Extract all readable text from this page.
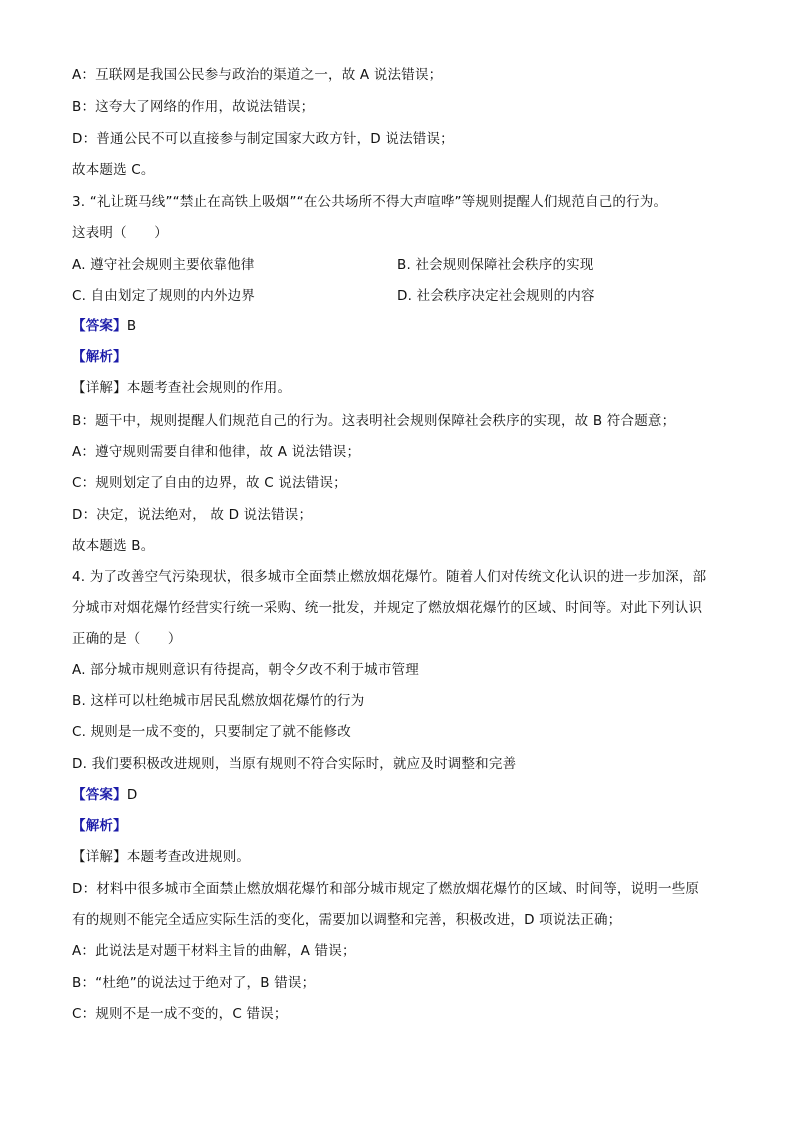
A：互联网是我国公民参与政治的渠道之一，故 A 说法错误；
B：这夸大了网络的作用，故说法错误；
D：普通公民不可以直接参与制定国家大政方针，D 说法错误；
故本题选 C。
3. “礼让斑马线”“禁止在高铁上吸烟”“在公共场所不得大声喧哗”等规则提醒人们规范自己的行为。
这表明（　　）
A. 遵守社会规则主要依靠他律	B. 社会规则保障社会秩序的实现
C. 自由划定了规则的内外边界	D. 社会秩序决定社会规则的内容
【答案】B
【解析】
【详解】本题考查社会规则的作用。
B：题干中，规则提醒人们规范自己的行为。这表明社会规则保障社会秩序的实现，故 B 符合题意；
A：遵守规则需要自律和他律，故 A 说法错误；
C：规则划定了自由的边界，故 C 说法错误；
D：决定，说法绝对， 故 D 说法错误；
故本题选 B。
4. 为了改善空气污染现状，很多城市全面禁止燃放烟花爆竹。随着人们对传统文化认识的进一步加深，部
分城市对烟花爆竹经营实行统一采购、统一批发，并规定了燃放烟花爆竹的区域、时间等。对此下列认识
正确的是（　　）
A. 部分城市规则意识有待提高，朝令夕改不利于城市管理
B. 这样可以杜绝城市居民乱燃放烟花爆竹的行为
C. 规则是一成不变的，只要制定了就不能修改
D. 我们要积极改进规则，当原有规则不符合实际时，就应及时调整和完善
【答案】D
【解析】
【详解】本题考查改进规则。
D：材料中很多城市全面禁止燃放烟花爆竹和部分城市规定了燃放烟花爆竹的区域、时间等，说明一些原
有的规则不能完全适应实际生活的变化，需要加以调整和完善，积极改进，D 项说法正确；
A：此说法是对题干材料主旨的曲解，A 错误；
B：“杜绝”的说法过于绝对了，B 错误；
C：规则不是一成不变的，C 错误；
